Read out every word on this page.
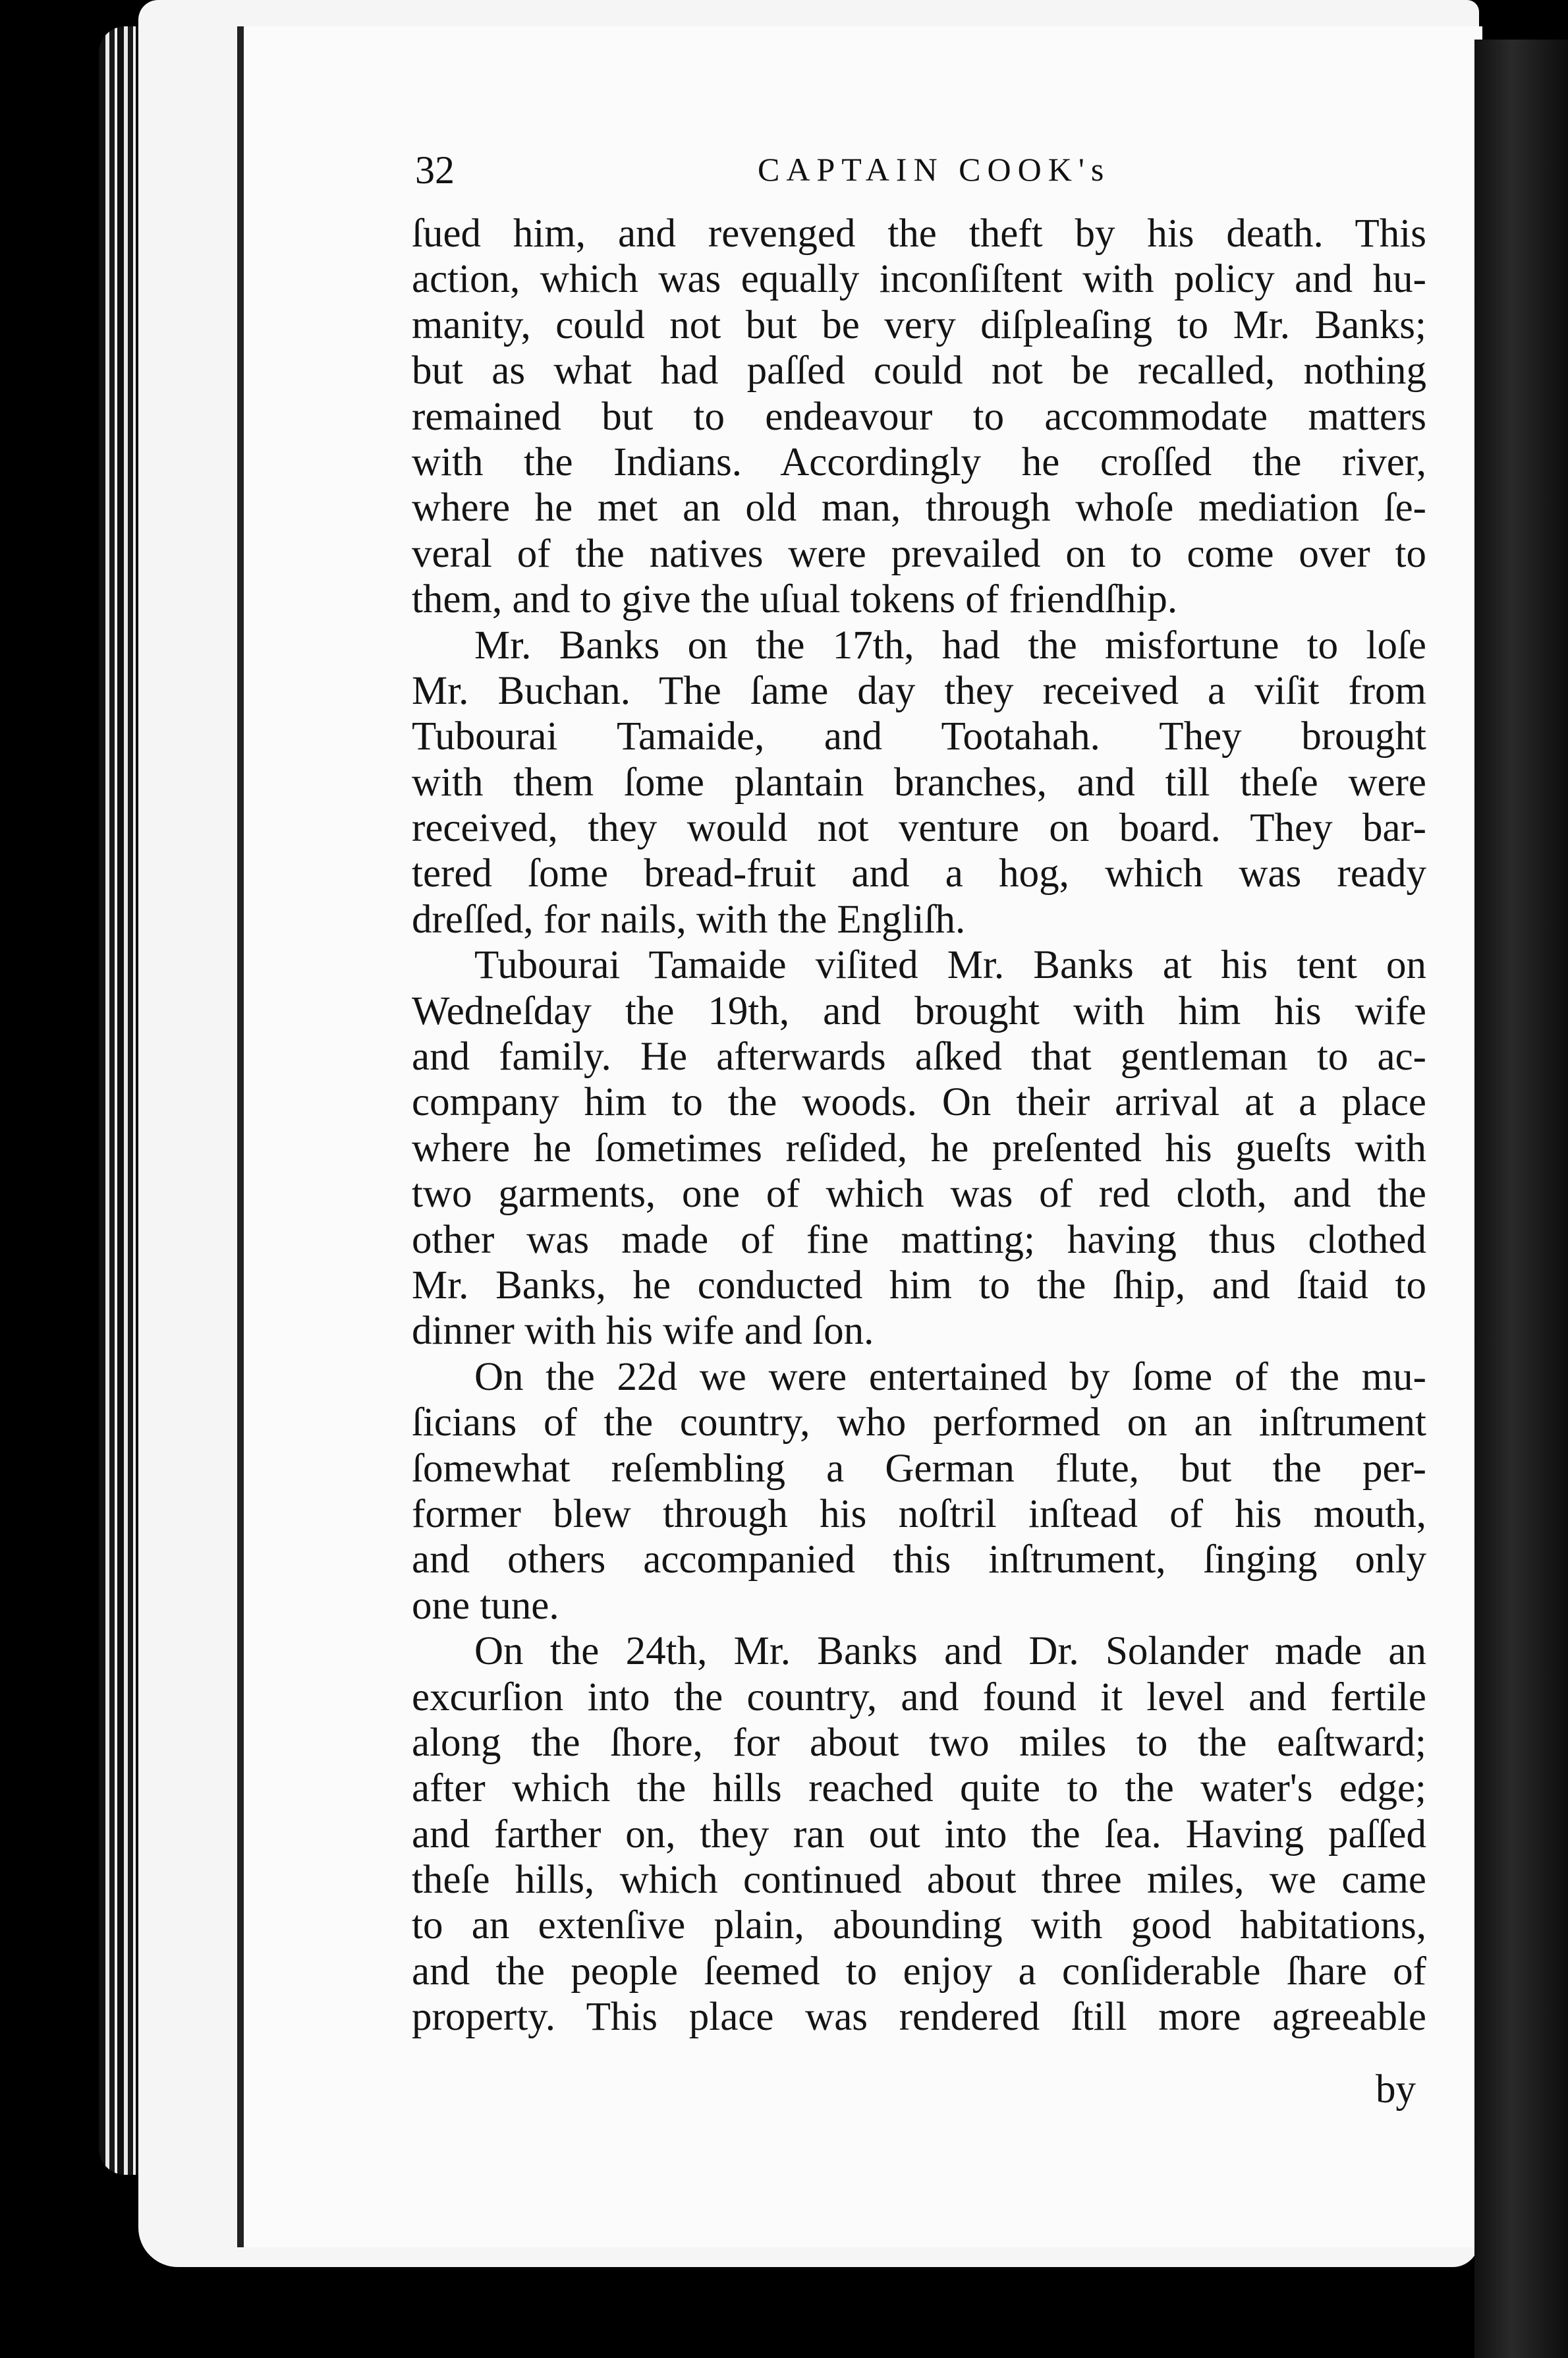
32	CAPTAIN COOK's
ſued him, and revenged the theft by his death. This
action, which was equally inconſiſtent with policy and hu-
manity, could not but be very diſpleaſing to Mr. Banks;
but as what had paſſed could not be recalled, nothing
remained but to endeavour to accommodate matters
with the Indians. Accordingly he croſſed the river,
where he met an old man, through whoſe mediation ſe-
veral of the natives were prevailed on to come over to
them, and to give the uſual tokens of friendſhip.
Mr. Banks on the 17th, had the misfortune to loſe
Mr. Buchan. The ſame day they received a viſit from
Tubourai Tamaide, and Tootahah. They brought
with them ſome plantain branches, and till theſe were
received, they would not venture on board. They bar-
tered ſome bread-fruit and a hog, which was ready
dreſſed, for nails, with the Engliſh.
Tubourai Tamaide viſited Mr. Banks at his tent on
Wedneſday the 19th, and brought with him his wife
and family. He afterwards aſked that gentleman to ac-
company him to the woods. On their arrival at a place
where he ſometimes reſided, he preſented his gueſts with
two garments, one of which was of red cloth, and the
other was made of fine matting; having thus clothed
Mr. Banks, he conducted him to the ſhip, and ſtaid to
dinner with his wife and ſon.
On the 22d we were entertained by ſome of the mu-
ſicians of the country, who performed on an inſtrument
ſomewhat reſembling a German flute, but the per-
former blew through his noſtril inſtead of his mouth,
and others accompanied this inſtrument, ſinging only
one tune.
On the 24th, Mr. Banks and Dr. Solander made an
excurſion into the country, and found it level and fertile
along the ſhore, for about two miles to the eaſtward;
after which the hills reached quite to the water's edge;
and farther on, they ran out into the ſea. Having paſſed
theſe hills, which continued about three miles, we came
to an extenſive plain, abounding with good habitations,
and the people ſeemed to enjoy a conſiderable ſhare of
property. This place was rendered ſtill more agreeable
by
